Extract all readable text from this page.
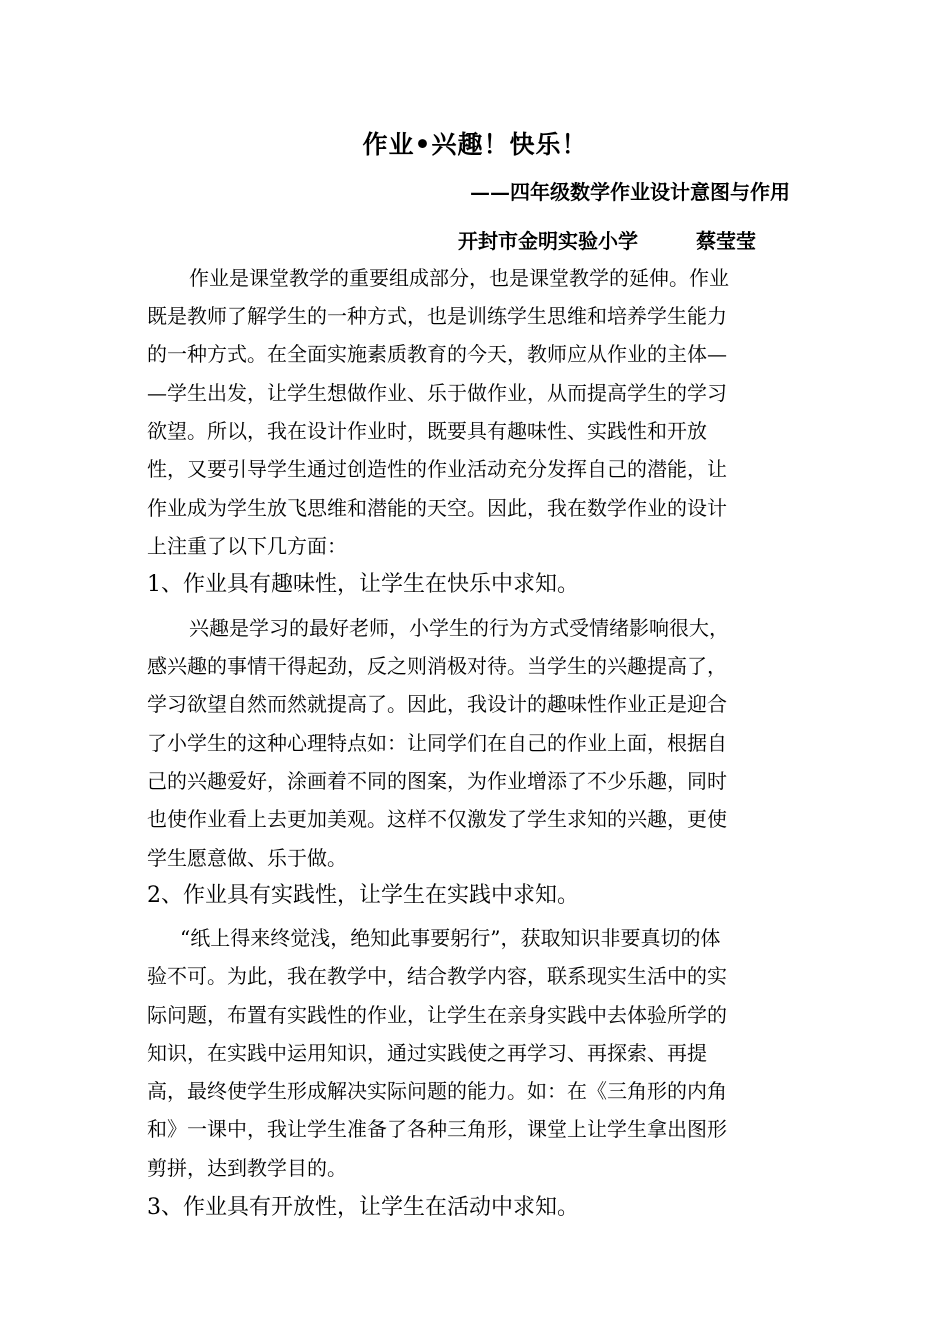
作业•兴趣！快乐！
——四年级数学作业设计意图与作用
开封市金明实验小学	蔡莹莹
作业是课堂教学的重要组成部分，也是课堂教学的延伸。作业
既是教师了解学生的一种方式，也是训练学生思维和培养学生能力
的一种方式。在全面实施素质教育的今天，教师应从作业的主体—
—学生出发，让学生想做作业、乐于做作业，从而提高学生的学习
欲望。所以，我在设计作业时，既要具有趣味性、实践性和开放
性，又要引导学生通过创造性的作业活动充分发挥自己的潜能，让
作业成为学生放飞思维和潜能的天空。因此，我在数学作业的设计
上注重了以下几方面：
1、作业具有趣味性，让学生在快乐中求知。
兴趣是学习的最好老师，小学生的行为方式受情绪影响很大，
感兴趣的事情干得起劲，反之则消极对待。当学生的兴趣提高了，
学习欲望自然而然就提高了。因此，我设计的趣味性作业正是迎合
了小学生的这种心理特点如：让同学们在自己的作业上面，根据自
己的兴趣爱好，涂画着不同的图案，为作业增添了不少乐趣，同时
也使作业看上去更加美观。这样不仅激发了学生求知的兴趣，更使
学生愿意做、乐于做。
2、作业具有实践性，让学生在实践中求知。
“纸上得来终觉浅，绝知此事要躬行”，获取知识非要真切的体
验不可。为此，我在教学中，结合教学内容，联系现实生活中的实
际问题，布置有实践性的作业，让学生在亲身实践中去体验所学的
知识，在实践中运用知识，通过实践使之再学习、再探索、再提
高，最终使学生形成解决实际问题的能力。如：在《三角形的内角
和》一课中，我让学生准备了各种三角形，课堂上让学生拿出图形
剪拼，达到教学目的。
3、作业具有开放性，让学生在活动中求知。
